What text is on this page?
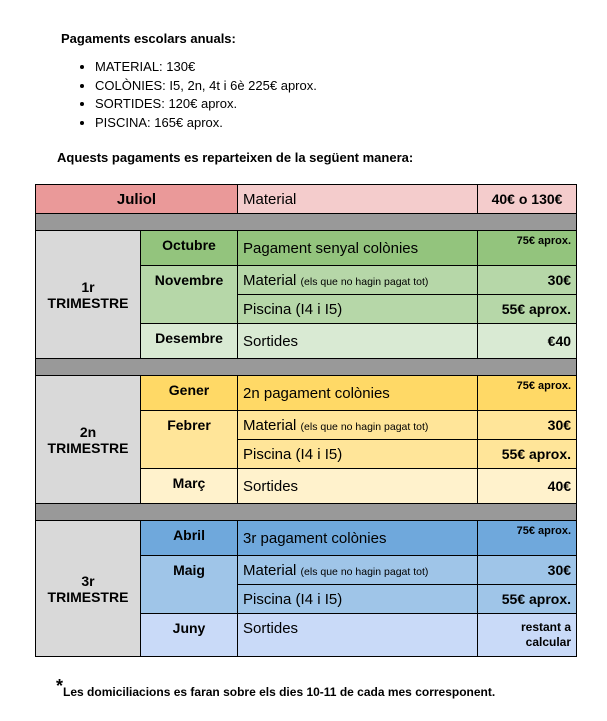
Pagaments escolars anuals:
• MATERIAL: 130€
• COLÒNIES: I5, 2n, 4t i 6è 225€ aprox.
• SORTIDES: 120€ aprox.
• PISCINA: 165€ aprox.
Aquests pagaments es reparteixen de la següent manera:
Juliol		Material	40€ o 130€

1r
TRIMESTRE	Octubre	Pagament senyal colònies	75€ aprox.
	Novembre	Material (els que no hagin pagat tot)	30€
		Piscina (I4 i I5)	55€ aprox.
	Desembre	Sortides	€40

2n
TRIMESTRE	Gener	2n pagament colònies	75€ aprox.
	Febrer	Material (els que no hagin pagat tot)	30€
		Piscina (I4 i I5)	55€ aprox.
	Març	Sortides	40€

3r
TRIMESTRE	Abril	3r pagament colònies	75€ aprox.
	Maig	Material (els que no hagin pagat tot)	30€
		Piscina (I4 i I5)	55€ aprox.
	Juny	Sortides	restant a
calcular
*Les domiciliacions es faran sobre els dies 10-11 de cada mes corresponent.
